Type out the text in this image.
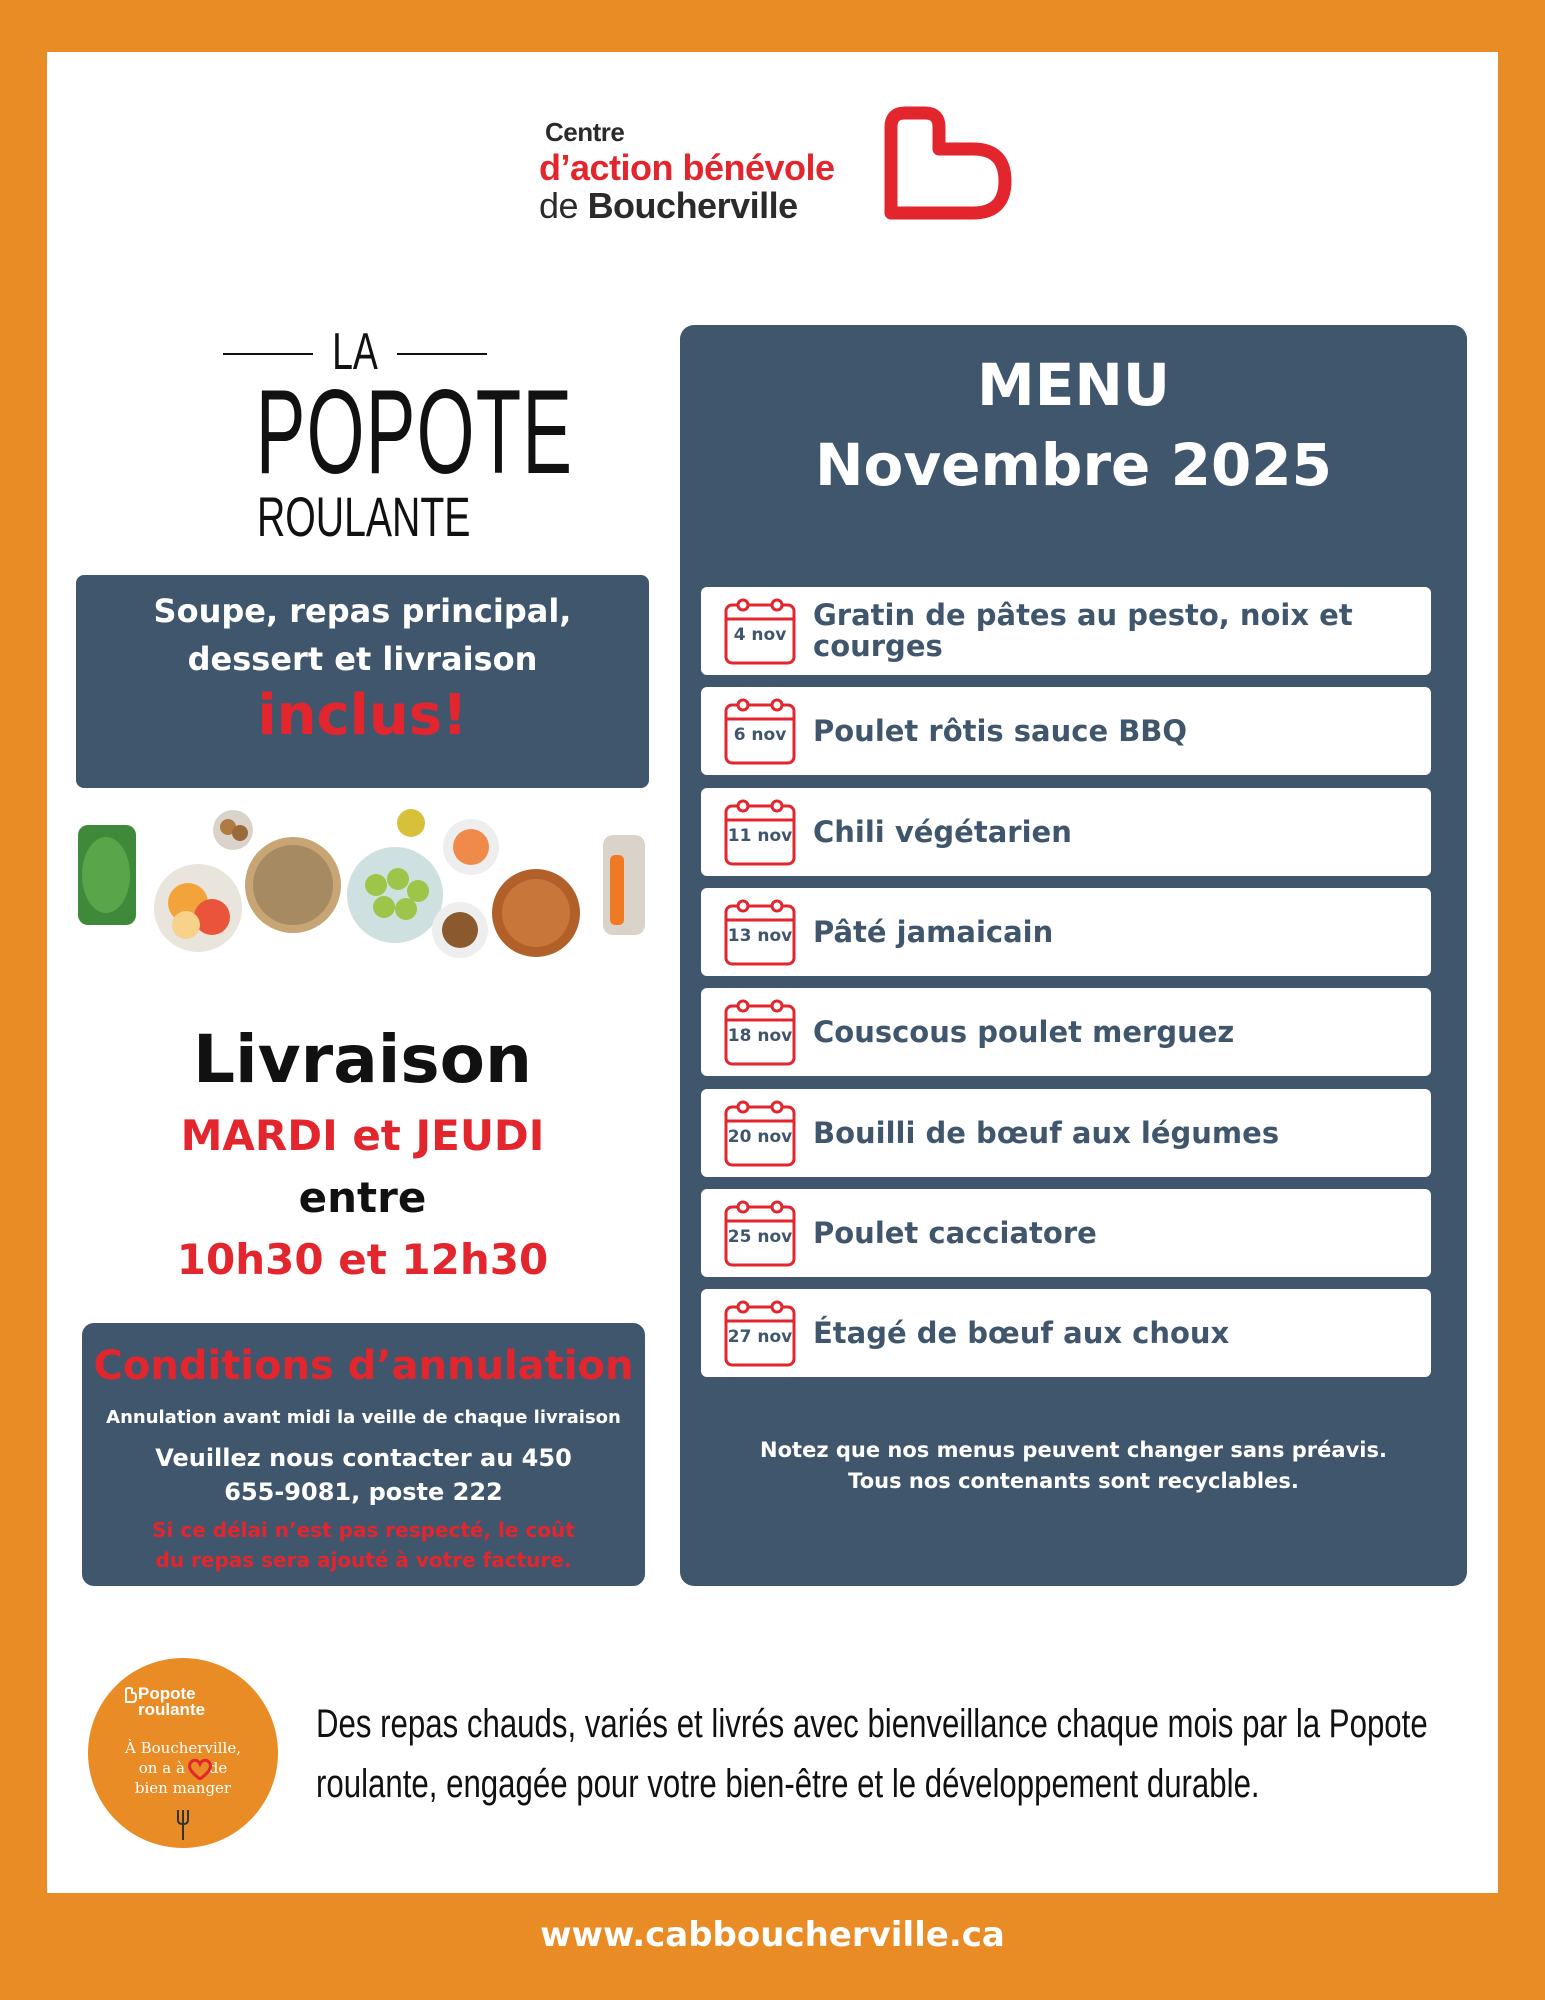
Centre
d’action bénévole
de Boucherville
LA
POPOTE
ROULANTE
Soupe, repas principal, dessert et livraison
inclus!
Livraison
MARDI et JEUDI
entre
10h30 et 12h30
Conditions d’annulation
Annulation avant midi la veille de chaque livraison
Veuillez nous contacter au 450 655-9081, poste 222
Si ce délai n’est pas respecté, le coût du repas sera ajouté à votre facture.
MENU
Novembre 2025
4 nov
Gratin de pâtes au pesto, noix et courges
6 nov Poulet rôtis sauce BBQ
11 nov Chili végétarien
13 nov Pâté jamaicain
18 nov Couscous poulet merguez
20 nov Bouilli de bœuf aux légumes
25 nov Poulet cacciatore
27 nov Étagé de bœuf aux choux
Notez que nos menus peuvent changer sans préavis.
Tous nos contenants sont recyclables.
Popote
roulante
À Boucherville,
on a à     de
bien manger
Des repas chauds, variés et livrés avec bienveillance chaque mois par la Popote roulante, engagée pour votre bien-être et le développement durable.
www.cabboucherville.ca
